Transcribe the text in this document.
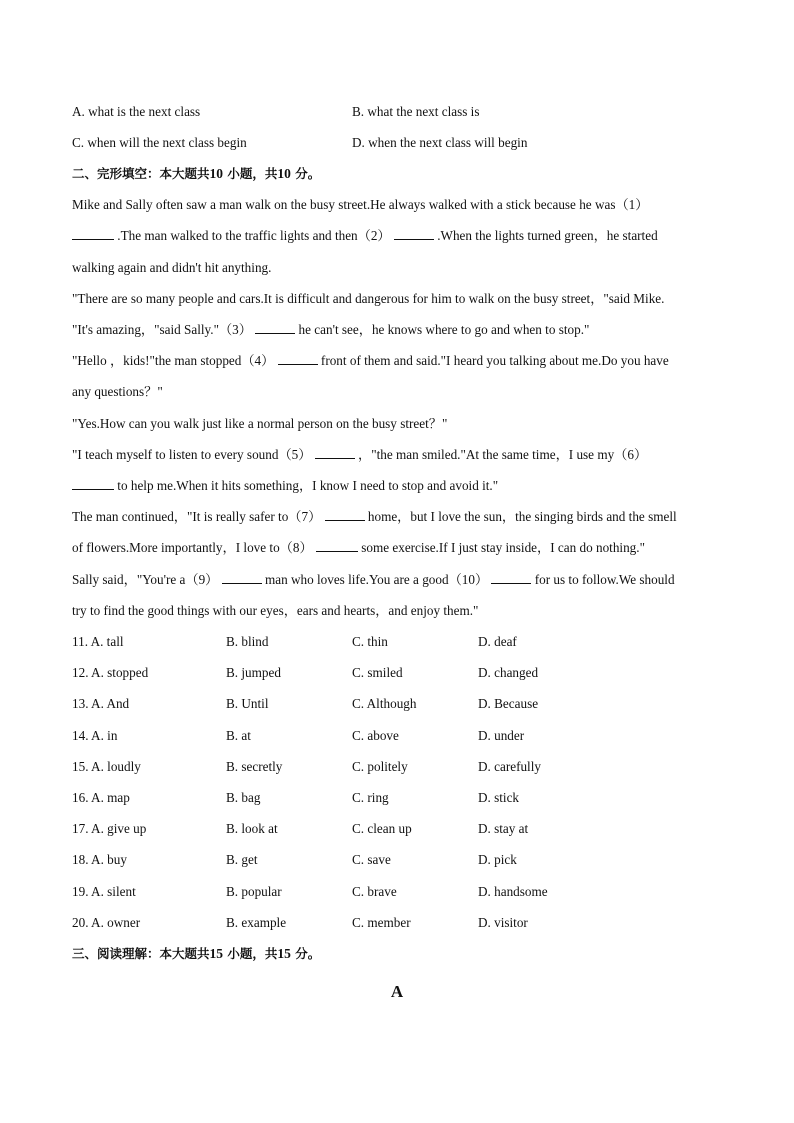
A. what is the next class	B. what the next class is
C. when will the next class begin	D. when the next class will begin
二、完形填空：本大题共10 小题，共10 分。
Mike and Sally often saw a man walk on the busy street.He always walked with a stick because he was（1）
.The man walked to the traffic lights and then（2）	.When the lights turned green，he started
walking again and didn't hit anything.
"There are so many people and cars.It is difficult and dangerous for him to walk on the busy street，"said Mike.
"It's amazing，"said Sally."（3）	he can't see，he knows where to go and when to stop."
"Hello ，kids!"the man stopped（4）	front of them and said."I heard you talking about me.Do you have
any questions？"
"Yes.How can you walk just like a normal person on the busy street？"
"I teach myself to listen to every sound（5）	，"the man smiled."At the same time，I use my（6）
to help me.When it hits something，I know I need to stop and avoid it."
The man continued，"It is really safer to（7）	home，but I love the sun，the singing birds and the smell
of flowers.More importantly，I love to（8）	some exercise.If I just stay inside，I can do nothing."
Sally said，"You're a（9）	man who loves life.You are a good（10）	for us to follow.We should
try to find the good things with our eyes，ears and hearts，and enjoy them."
11. A. tall	B. blind	C. thin	D. deaf
12. A. stopped	B. jumped	C. smiled	D. changed
13. A. And	B. Until	C. Although	D. Because
14. A. in	B. at	C. above	D. under
15. A. loudly	B. secretly	C. politely	D. carefully
16. A. map	B. bag	C. ring	D. stick
17. A. give up	B. look at	C. clean up	D. stay at
18. A. buy	B. get	C. save	D. pick
19. A. silent	B. popular	C. brave	D. handsome
20. A. owner	B. example	C. member	D. visitor
三、阅读理解：本大题共15 小题，共15 分。
A
